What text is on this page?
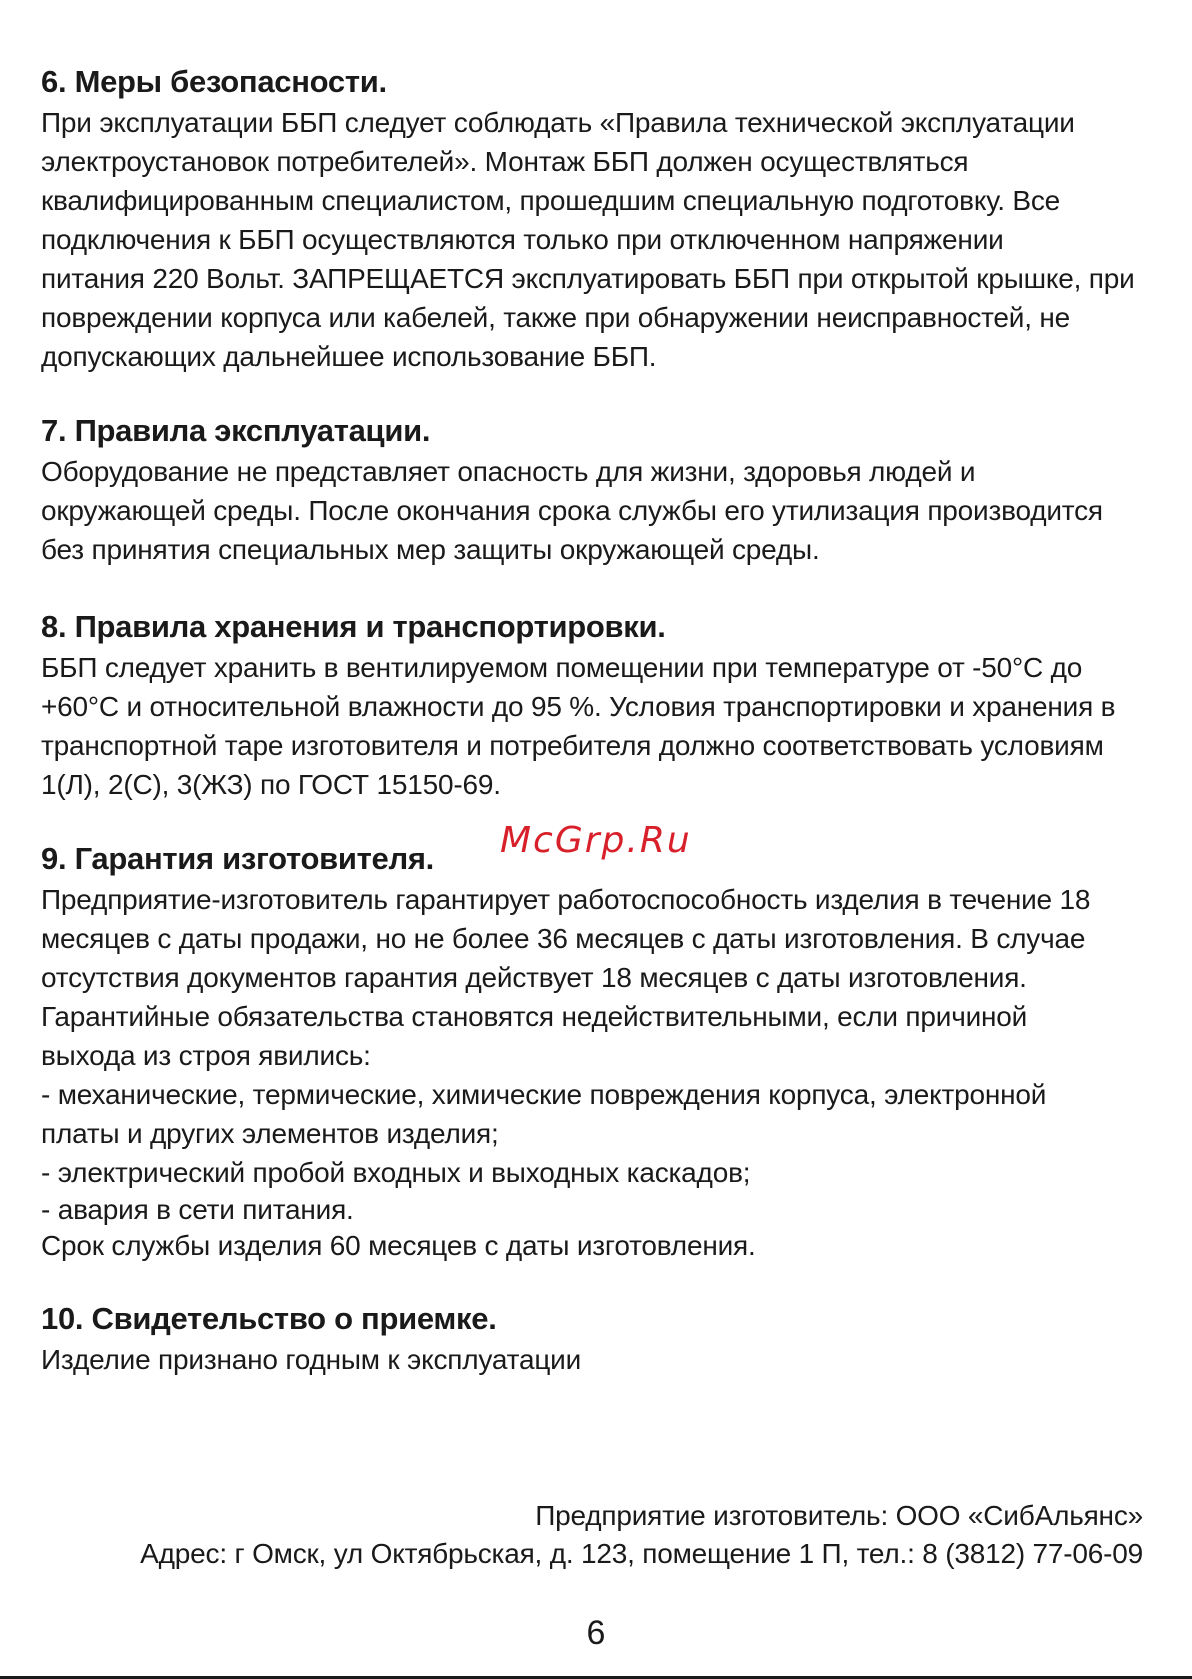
6. Меры безопасности.

При эксплуатации ББП следует соблюдать «Правила технической эксплуатации

электроустановок потребителей». Монтаж ББП должен осуществляться

квалифицированным специалистом, прошедшим специальную подготовку. Все

подключения к ББП осуществляются только при отключенном напряжении

питания 220 Вольт. ЗАПРЕЩАЕТСЯ эксплуатировать ББП при открытой крышке, при

повреждении корпуса или кабелей, также при обнаружении неисправностей, не

допускающих дальнейшее использование ББП.

7. Правила эксплуатации.

Оборудование не представляет опасность для жизни, здоровья людей и

окружающей среды. После окончания срока службы его утилизация производится

без принятия специальных мер защиты окружающей среды.

8. Правила хранения и транспортировки.

ББП следует хранить в вентилируемом помещении при температуре от -50°С до

+60°С и относительной влажности до 95 %. Условия транспортировки и хранения в

транспортной таре изготовителя и потребителя должно соответствовать условиям

1(Л), 2(С), 3(ЖЗ) по ГОСТ 15150-69.

9. Гарантия изготовителя.

Предприятие-изготовитель гарантирует работоспособность изделия в течение 18

месяцев с даты продажи, но не более 36 месяцев с даты изготовления. В случае

отсутствия документов гарантия действует 18 месяцев с даты изготовления.

Гарантийные обязательства становятся недействительными, если причиной

выхода из строя явились:

- механические, термические, химические повреждения корпуса, электронной

платы и других элементов изделия;

- электрический пробой входных и выходных каскадов;

- авария в сети питания.

Срок службы изделия 60 месяцев с даты изготовления.

10. Свидетельство о приемке.

Изделие признано годным к эксплуатации

McGrp.Ru
Предприятие изготовитель: ООО «СибАльянс»
Адрес: г Омск, ул Октябрьская, д. 123, помещение 1 П, тел.: 8 (3812) 77-06-09
6
